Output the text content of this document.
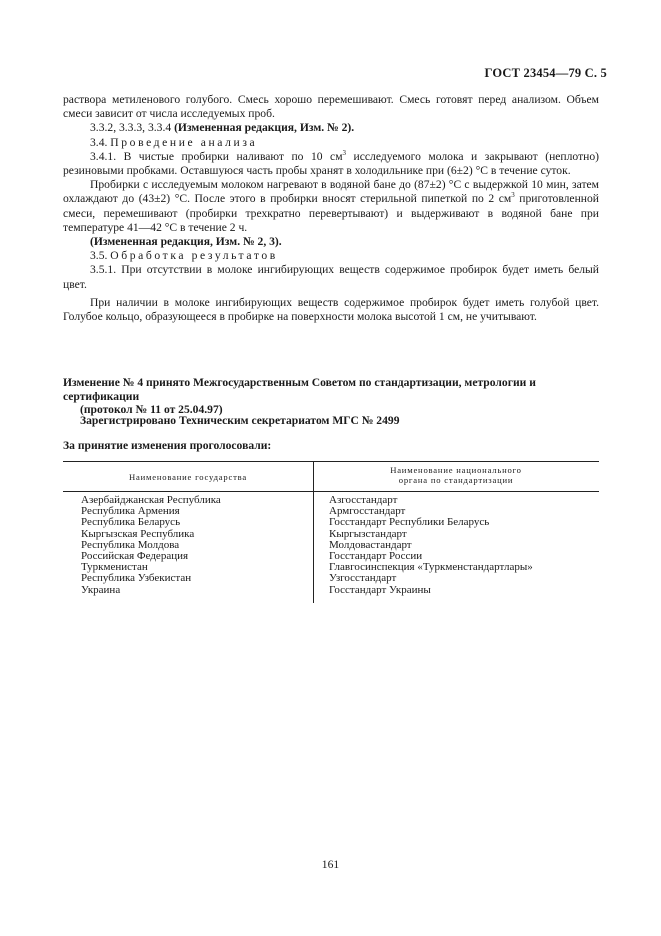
ГОСТ 23454—79 С. 5

раствора метиленового голубого. Смесь хорошо перемешивают. Смесь готовят перед анализом. Объем смеси зависит от числа исследуемых проб.

3.3.2, 3.3.3, 3.3.4 (Измененная редакция, Изм. № 2).

3.4. Проведение анализа

3.4.1. В чистые пробирки наливают по 10 $см^3$ исследуемого молока и закрывают (неплотно) резиновыми пробками. Оставшуюся часть пробы хранят в холодильнике при (6±2) °С в течение суток.

Пробирки с исследуемым молоком нагревают в водяной бане до (87±2) °С с выдержкой 10 мин, затем охлаждают до (43±2) °С. После этого в пробирки вносят стерильной пипеткой по 2 $см^3$ приготовленной смеси, перемешивают (пробирки трехкратно перевертывают) и выдерживают в водяной бане при температуре 41—42 °С в течение 2 ч.

(Измененная редакция, Изм. № 2, 3).

3.5. Обработка результатов

3.5.1. При отсутствии в молоке ингибирующих веществ содержимое пробирок будет иметь белый цвет.

При наличии в молоке ингибирующих веществ содержимое пробирок будет иметь голубой цвет. Голубое кольцо, образующееся в пробирке на поверхности молока высотой 1 см, не учитывают.

Изменение № 4 принято Межгосударственным Советом по стандартизации, метрологии и сертификации
(протокол № 11 от 25.04.97)
Зарегистрировано Техническим секретариатом МГС № 2499
За принятие изменения проголосовали:
Наименование государства
Наименование национального
органа по стандартизации
Азербайджанская Республика
Республика Армения
Республика Беларусь
Кыргызская Республика
Республика Молдова
Российская Федерация
Туркменистан
Республика Узбекистан
Украина
Азгосстандарт
Армгосстандарт
Госстандарт Республики Беларусь
Кыргызстандарт
Молдовастандарт
Госстандарт России
Главгосинспекция «Туркменстандартлары»
Узгосстандарт
Госстандарт Украины
161
